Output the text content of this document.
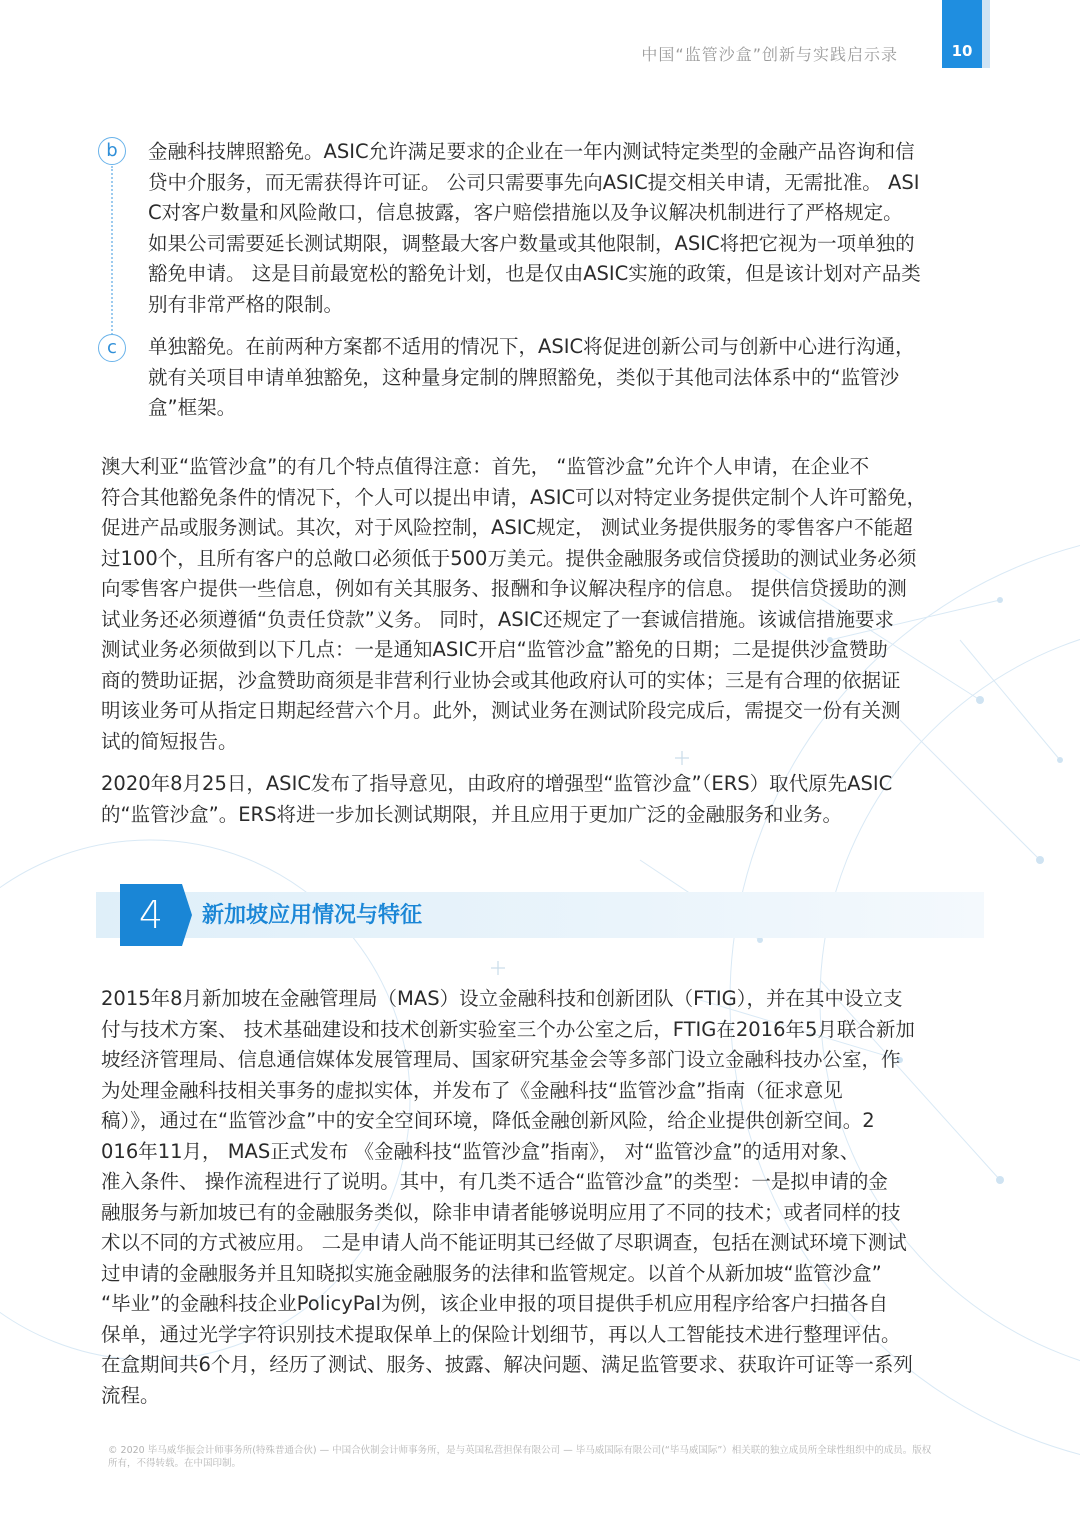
中国“监管沙盒”创新与实践启示录	10
b	金融科技牌照豁免。ASIC允许满足要求的企业在一年内测试特定类型的金融产品咨询和信
贷中介服务，而无需获得许可证。 公司只需要事先向ASIC提交相关申请，无需批准。 ASI
C对客户数量和风险敞口，信息披露，客户赔偿措施以及争议解决机制进行了严格规定。
如果公司需要延长测试期限，调整最大客户数量或其他限制，ASIC将把它视为一项单独的
豁免申请。 这是目前最宽松的豁免计划，也是仅由ASIC实施的政策，但是该计划对产品类
别有非常严格的限制。

c	单独豁免。在前两种方案都不适用的情况下，ASIC将促进创新公司与创新中心进行沟通，
就有关项目申请单独豁免，这种量身定制的牌照豁免，类似于其他司法体系中的“监管沙
盒”框架。

澳大利亚“监管沙盒”的有几个特点值得注意：首先， “监管沙盒”允许个人申请，在企业不
符合其他豁免条件的情况下，个人可以提出申请，ASIC可以对特定业务提供定制个人许可豁免，
促进产品或服务测试。其次，对于风险控制，ASIC规定， 测试业务提供服务的零售客户不能超
过100个，且所有客户的总敞口必须低于500万美元。提供金融服务或信贷援助的测试业务必须
向零售客户提供一些信息，例如有关其服务、报酬和争议解决程序的信息。 提供信贷援助的测
试业务还必须遵循“负责任贷款”义务。 同时，ASIC还规定了一套诚信措施。该诚信措施要求
测试业务必须做到以下几点：一是通知ASIC开启“监管沙盒”豁免的日期；二是提供沙盒赞助
商的赞助证据，沙盒赞助商须是非营利行业协会或其他政府认可的实体；三是有合理的依据证
明该业务可从指定日期起经营六个月。此外，测试业务在测试阶段完成后，需提交一份有关测
试的简短报告。

2020年8月25日，ASIC发布了指导意见，由政府的增强型“监管沙盒”（ERS）取代原先ASIC
的“监管沙盒”。ERS将进一步加长测试期限，并且应用于更加广泛的金融服务和业务。

4	新加坡应用情况与特征

2015年8月新加坡在金融管理局（MAS）设立金融科技和创新团队（FTIG），并在其中设立支
付与技术方案、 技术基础建设和技术创新实验室三个办公室之后，FTIG在2016年5月联合新加
坡经济管理局、信息通信媒体发展管理局、国家研究基金会等多部门设立金融科技办公室，作
为处理金融科技相关事务的虚拟实体，并发布了《金融科技“监管沙盒”指南（征求意见
稿）》，通过在“监管沙盒”中的安全空间环境，降低金融创新风险，给企业提供创新空间。2
016年11月， MAS正式发布 《金融科技“监管沙盒”指南》， 对“监管沙盒”的适用对象、
准入条件、 操作流程进行了说明。其中，有几类不适合“监管沙盒”的类型：一是拟申请的金
融服务与新加坡已有的金融服务类似，除非申请者能够说明应用了不同的技术；或者同样的技
术以不同的方式被应用。 二是申请人尚不能证明其已经做了尽职调查，包括在测试环境下测试
过申请的金融服务并且知晓拟实施金融服务的法律和监管规定。以首个从新加坡“监管沙盒”
“毕业”的金融科技企业PolicyPal为例，该企业申报的项目提供手机应用程序给客户扫描各自
保单，通过光学字符识别技术提取保单上的保险计划细节，再以人工智能技术进行整理评估。
在盒期间共6个月，经历了测试、服务、披露、解决问题、满足监管要求、获取许可证等一系列
流程。

© 2020 毕马威华振会计师事务所(特殊普通合伙) — 中国合伙制会计师事务所，是与英国私营担保有限公司 — 毕马威国际有限公司(“毕马威国际”）相关联的独立成员所全球性组织中的成员。版权
所有，不得转载。在中国印制。
